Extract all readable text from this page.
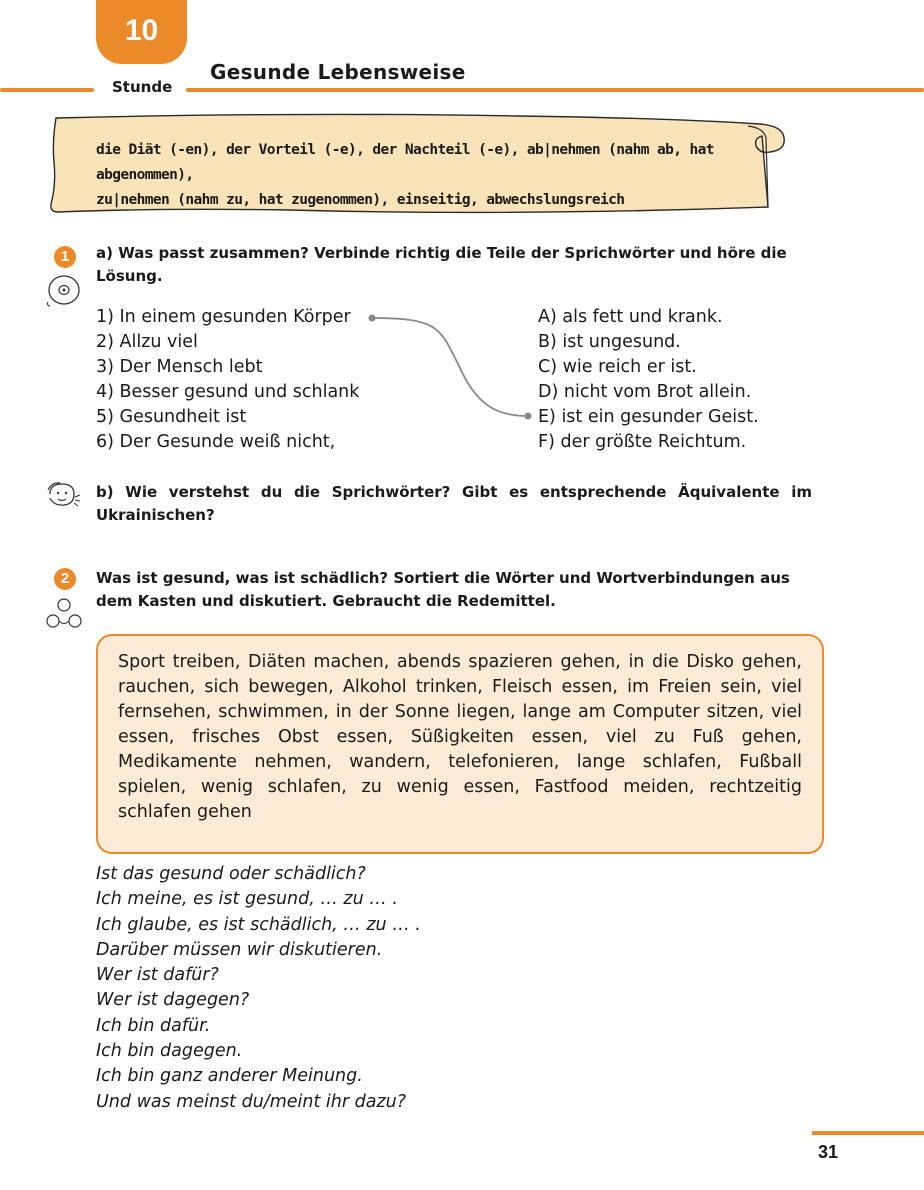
10
Stunde
Gesunde Lebensweise
die Diät (-en), der Vorteil (-e), der Nachteil (-e), ab|nehmen (nahm ab, hat abgenommen),
zu|nehmen (nahm zu, hat zugenommen), einseitig, abwechslungsreich
1	a) Was passt zusammen? Verbinde richtig die Teile der Sprichwörter und höre die
Lösung.
1) In einem gesunden Körper
2) Allzu viel
3) Der Mensch lebt
4) Besser gesund und schlank
5) Gesundheit ist
6) Der Gesunde weiß nicht,
A) als fett und krank.
B) ist ungesund.
C) wie reich er ist.
D) nicht vom Brot allein.
E) ist ein gesunder Geist.
F) der größte Reichtum.
b) Wie verstehst du die Sprichwörter? Gibt es entsprechende Äquivalente im
Ukrainischen?
2	Was ist gesund, was ist schädlich? Sortiert die Wörter und Wortverbindungen aus
dem Kasten und diskutiert. Gebraucht die Redemittel.
Sport treiben, Diäten machen, abends spazieren gehen, in die Disko gehen, rauchen, sich bewegen, Alkohol trinken, Fleisch essen, im Freien sein, viel fernsehen, schwimmen, in der Sonne liegen, lange am Computer sitzen, viel essen, frisches Obst essen, Süßigkeiten essen, viel zu Fuß gehen, Medikamente nehmen, wandern, telefonieren, lange schlafen, Fußball spielen, wenig schlafen, zu wenig essen, Fastfood meiden, rechtzeitig schlafen gehen
Ist das gesund oder schädlich?
Ich meine, es ist gesund, … zu … .
Ich glaube, es ist schädlich, … zu … .
Darüber müssen wir diskutieren.
Wer ist dafür?
Wer ist dagegen?
Ich bin dafür.
Ich bin dagegen.
Ich bin ganz anderer Meinung.
Und was meinst du/meint ihr dazu?
31
